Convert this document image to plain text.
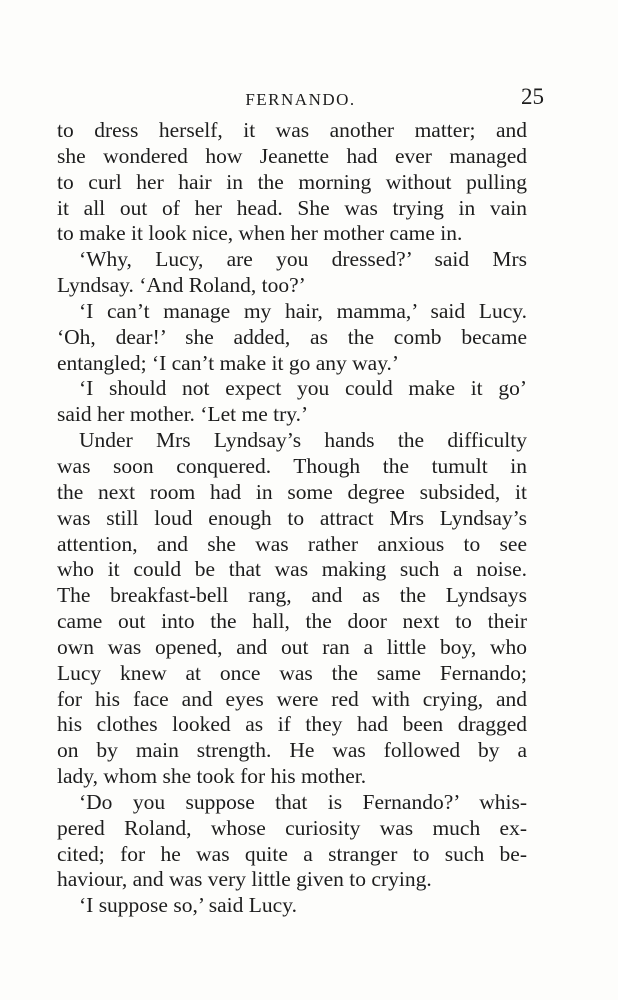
FERNANDO.	25
to dress herself, it was another matter; and
she wondered how Jeanette had ever managed
to curl her hair in the morning without pulling
it all out of her head. She was trying in vain
to make it look nice, when her mother came in.
‘Why, Lucy, are you dressed?’ said Mrs
Lyndsay. ‘And Roland, too?’
‘I can’t manage my hair, mamma,’ said Lucy.
‘Oh, dear!’ she added, as the comb became
entangled; ‘I can’t make it go any way.’
‘I should not expect you could make it go’
said her mother. ‘Let me try.’
Under Mrs Lyndsay’s hands the difficulty
was soon conquered. Though the tumult in
the next room had in some degree subsided, it
was still loud enough to attract Mrs Lyndsay’s
attention, and she was rather anxious to see
who it could be that was making such a noise.
The breakfast-bell rang, and as the Lyndsays
came out into the hall, the door next to their
own was opened, and out ran a little boy, who
Lucy knew at once was the same Fernando;
for his face and eyes were red with crying, and
his clothes looked as if they had been dragged
on by main strength. He was followed by a
lady, whom she took for his mother.
‘Do you suppose that is Fernando?’ whis-
pered Roland, whose curiosity was much ex-
cited; for he was quite a stranger to such be-
haviour, and was very little given to crying.
‘I suppose so,’ said Lucy.
